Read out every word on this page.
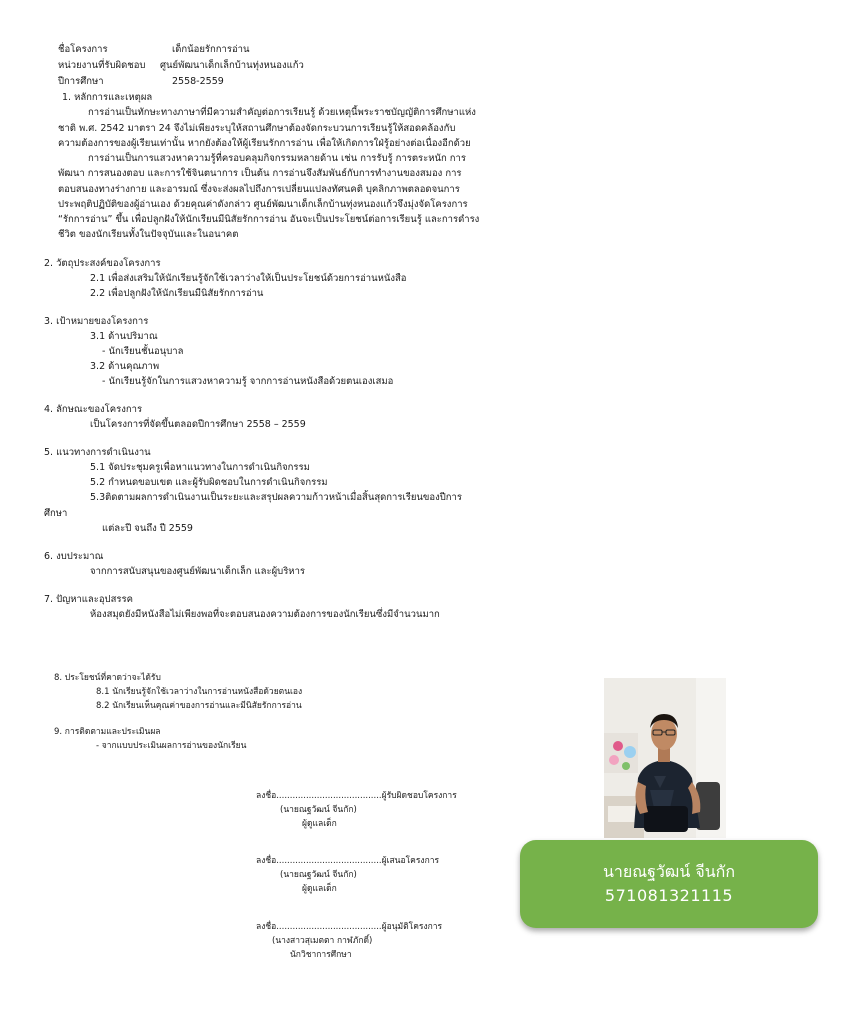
ชื่อโครงการ	เด็กน้อยรักการอ่าน
หน่วยงานที่รับผิดชอบ ศูนย์พัฒนาเด็กเล็กบ้านทุ่งหนองแก้ว
ปีการศึกษา	2558-2559
1. หลักการและเหตุผล
การอ่านเป็นทักษะทางภาษาที่มีความสำคัญต่อการเรียนรู้ ด้วยเหตุนี้พระราชบัญญัติการศึกษาแห่ง
ชาติ พ.ศ. 2542 มาตรา 24 จึงไม่เพียงระบุให้สถานศึกษาต้องจัดกระบวนการเรียนรู้ให้สอดคล้องกับ
ความต้องการของผู้เรียนเท่านั้น หากยังต้องให้ผู้เรียนรักการอ่าน เพื่อให้เกิดการใฝ่รู้อย่างต่อเนื่องอีกด้วย
การอ่านเป็นการแสวงหาความรู้ที่ครอบคลุมกิจกรรมหลายด้าน เช่น การรับรู้ การตระหนัก การ
พัฒนา การสนองตอบ และการใช้จินตนาการ เป็นต้น การอ่านจึงสัมพันธ์กับการทำงานของสมอง การ
ตอบสนองทางร่างกาย และอารมณ์ ซึ่งจะส่งผลไปถึงการเปลี่ยนแปลงทัศนคติ บุคลิกภาพตลอดจนการ
ประพฤติปฏิบัติของผู้อ่านเอง ด้วยคุณค่าดังกล่าว ศูนย์พัฒนาเด็กเล็กบ้านทุ่งหนองแก้วจึงมุ่งจัดโครงการ
“รักการอ่าน” ขึ้น เพื่อปลูกฝังให้นักเรียนมีนิสัยรักการอ่าน อันจะเป็นประโยชน์ต่อการเรียนรู้ และการดำรง
ชีวิต ของนักเรียนทั้งในปัจจุบันและในอนาคต
2. วัตถุประสงค์ของโครงการ
2.1 เพื่อส่งเสริมให้นักเรียนรู้จักใช้เวลาว่างให้เป็นประโยชน์ด้วยการอ่านหนังสือ
2.2 เพื่อปลูกฝังให้นักเรียนมีนิสัยรักการอ่าน
3. เป้าหมายของโครงการ
3.1 ด้านปริมาณ
- นักเรียนชั้นอนุบาล
3.2 ด้านคุณภาพ
- นักเรียนรู้จักในการแสวงหาความรู้ จากการอ่านหนังสือด้วยตนเองเสมอ
4. ลักษณะของโครงการ
เป็นโครงการที่จัดขึ้นตลอดปีการศึกษา 2558 – 2559
5. แนวทางการดำเนินงาน
5.1 จัดประชุมครูเพื่อหาแนวทางในการดำเนินกิจกรรม
5.2 กำหนดขอบเขต และผู้รับผิดชอบในการดำเนินกิจกรรม
5.3ติดตามผลการดำเนินงานเป็นระยะและสรุปผลความก้าวหน้าเมื่อสิ้นสุดการเรียนของปีการ
ศึกษา
แต่ละปี จนถึง ปี 2559
6. งบประมาณ
จากการสนับสนุนของศูนย์พัฒนาเด็กเล็ก และผู้บริหาร
7. ปัญหาและอุปสรรค
ห้องสมุดยังมีหนังสือไม่เพียงพอที่จะตอบสนองความต้องการของนักเรียนซึ่งมีจำนวนมาก
8. ประโยชน์ที่คาดว่าจะได้รับ
8.1 นักเรียนรู้จักใช้เวลาว่างในการอ่านหนังสือด้วยตนเอง
8.2 นักเรียนเห็นคุณค่าของการอ่านและมีนิสัยรักการอ่าน
9. การติดตามและประเมินผล
- จากแบบประเมินผลการอ่านของนักเรียน
ลงชื่อ.......................................ผู้รับผิดชอบโครงการ
(นายณฐวัฒน์ จีนกัก)
ผู้ดูแลเด็ก
ลงชื่อ.......................................ผู้เสนอโครงการ
(นายณฐวัฒน์ จีนกัก)
ผู้ดูแลเด็ก
ลงชื่อ.......................................ผู้อนุมัติโครงการ
(นางสาวสุเมตตา กาฬภักดิ์)
นักวิชาการศึกษา
นายณฐวัฒน์ จีนกัก
571081321115
